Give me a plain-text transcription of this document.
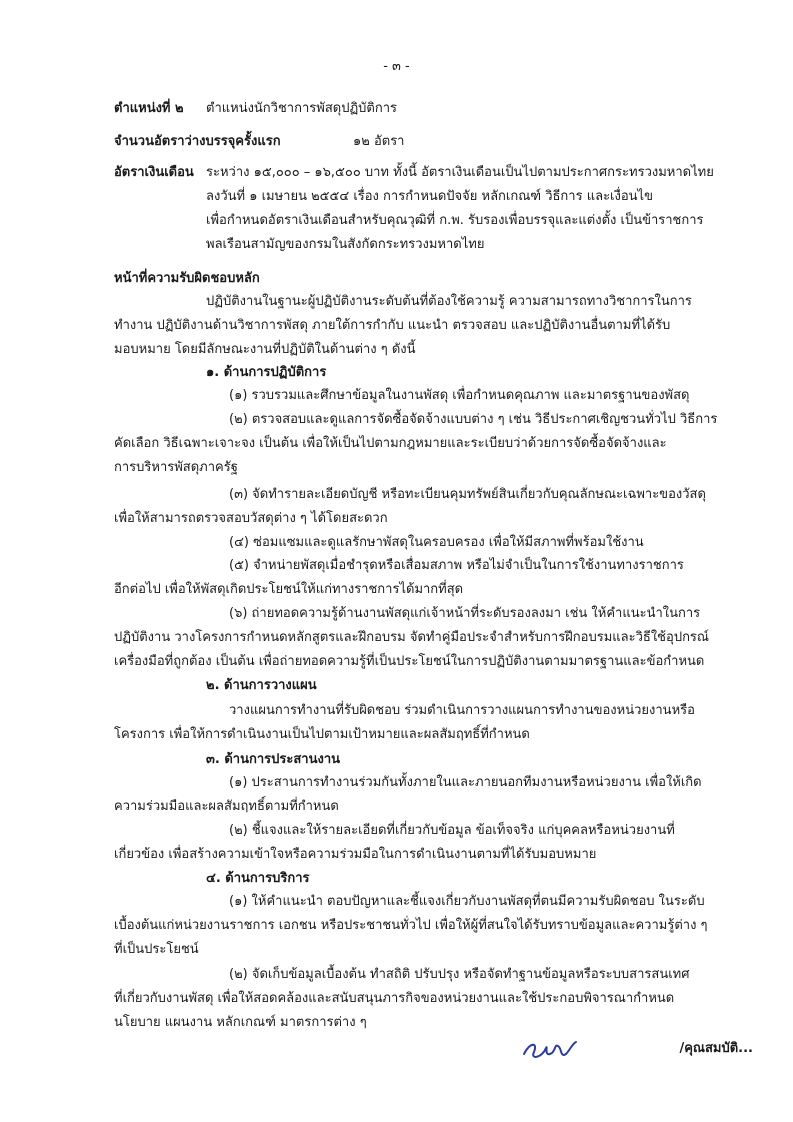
- ๓ -
ตำแหน่งที่ ๒ ตำแหน่งนักวิชาการพัสดุปฏิบัติการ
จำนวนอัตราว่างบรรจุครั้งแรก	๑๒ อัตรา
อัตราเงินเดือน ระหว่าง ๑๕,๐๐๐ – ๑๖,๕๐๐ บาท ทั้งนี้ อัตราเงินเดือนเป็นไปตามประกาศกระทรวงมหาดไทย
ลงวันที่ ๑ เมษายน ๒๕๕๔ เรื่อง การกำหนดปัจจัย หลักเกณฑ์ วิธีการ และเงื่อนไข
เพื่อกำหนดอัตราเงินเดือนสำหรับคุณวุฒิที่ ก.พ. รับรองเพื่อบรรจุและแต่งตั้ง เป็นข้าราชการ
พลเรือนสามัญของกรมในสังกัดกระทรวงมหาดไทย
หน้าที่ความรับผิดชอบหลัก
ปฏิบัติงานในฐานะผู้ปฏิบัติงานระดับต้นที่ต้องใช้ความรู้ ความสามารถทางวิชาการในการ
ทำงาน ปฏิบัติงานด้านวิชาการพัสดุ ภายใต้การกำกับ แนะนำ ตรวจสอบ และปฏิบัติงานอื่นตามที่ได้รับ
มอบหมาย โดยมีลักษณะงานที่ปฏิบัติในด้านต่าง ๆ ดังนี้
๑. ด้านการปฏิบัติการ
(๑) รวบรวมและศึกษาข้อมูลในงานพัสดุ เพื่อกำหนดคุณภาพ และมาตรฐานของพัสดุ
(๒) ตรวจสอบและดูแลการจัดซื้อจัดจ้างแบบต่าง ๆ เช่น วิธีประกาศเชิญชวนทั่วไป วิธีการ
คัดเลือก วิธีเฉพาะเจาะจง เป็นต้น เพื่อให้เป็นไปตามกฎหมายและระเบียบว่าด้วยการจัดซื้อจัดจ้างและ
การบริหารพัสดุภาครัฐ
(๓) จัดทำรายละเอียดบัญชี หรือทะเบียนคุมทรัพย์สินเกี่ยวกับคุณลักษณะเฉพาะของวัสดุ
เพื่อให้สามารถตรวจสอบวัสดุต่าง ๆ ได้โดยสะดวก
(๔) ซ่อมแซมและดูแลรักษาพัสดุในครอบครอง เพื่อให้มีสภาพที่พร้อมใช้งาน
(๕) จำหน่ายพัสดุเมื่อชำรุดหรือเสื่อมสภาพ หรือไม่จำเป็นในการใช้งานทางราชการ
อีกต่อไป เพื่อให้พัสดุเกิดประโยชน์ให้แก่ทางราชการได้มากที่สุด
(๖) ถ่ายทอดความรู้ด้านงานพัสดุแก่เจ้าหน้าที่ระดับรองลงมา เช่น ให้คำแนะนำในการ
ปฏิบัติงาน วางโครงการกำหนดหลักสูตรและฝึกอบรม จัดทำคู่มือประจำสำหรับการฝึกอบรมและวิธีใช้อุปกรณ์
เครื่องมือที่ถูกต้อง เป็นต้น เพื่อถ่ายทอดความรู้ที่เป็นประโยชน์ในการปฏิบัติงานตามมาตรฐานและข้อกำหนด
๒. ด้านการวางแผน
วางแผนการทำงานที่รับผิดชอบ ร่วมดำเนินการวางแผนการทำงานของหน่วยงานหรือ
โครงการ เพื่อให้การดำเนินงานเป็นไปตามเป้าหมายและผลสัมฤทธิ์ที่กำหนด
๓. ด้านการประสานงาน
(๑) ประสานการทำงานร่วมกันทั้งภายในและภายนอกทีมงานหรือหน่วยงาน เพื่อให้เกิด
ความร่วมมือและผลสัมฤทธิ์ตามที่กำหนด
(๒) ชี้แจงและให้รายละเอียดที่เกี่ยวกับข้อมูล ข้อเท็จจริง แก่บุคคลหรือหน่วยงานที่
เกี่ยวข้อง เพื่อสร้างความเข้าใจหรือความร่วมมือในการดำเนินงานตามที่ได้รับมอบหมาย
๔. ด้านการบริการ
(๑) ให้คำแนะนำ ตอบปัญหาและชี้แจงเกี่ยวกับงานพัสดุที่ตนมีความรับผิดชอบ ในระดับ
เบื้องต้นแก่หน่วยงานราชการ เอกชน หรือประชาชนทั่วไป เพื่อให้ผู้ที่สนใจได้รับทราบข้อมูลและความรู้ต่าง ๆ
ที่เป็นประโยชน์
(๒) จัดเก็บข้อมูลเบื้องต้น ทำสถิติ ปรับปรุง หรือจัดทำฐานข้อมูลหรือระบบสารสนเทศ
ที่เกี่ยวกับงานพัสดุ เพื่อให้สอดคล้องและสนับสนุนภารกิจของหน่วยงานและใช้ประกอบพิจารณากำหนด
นโยบาย แผนงาน หลักเกณฑ์ มาตรการต่าง ๆ
/คุณสมบัติ...
